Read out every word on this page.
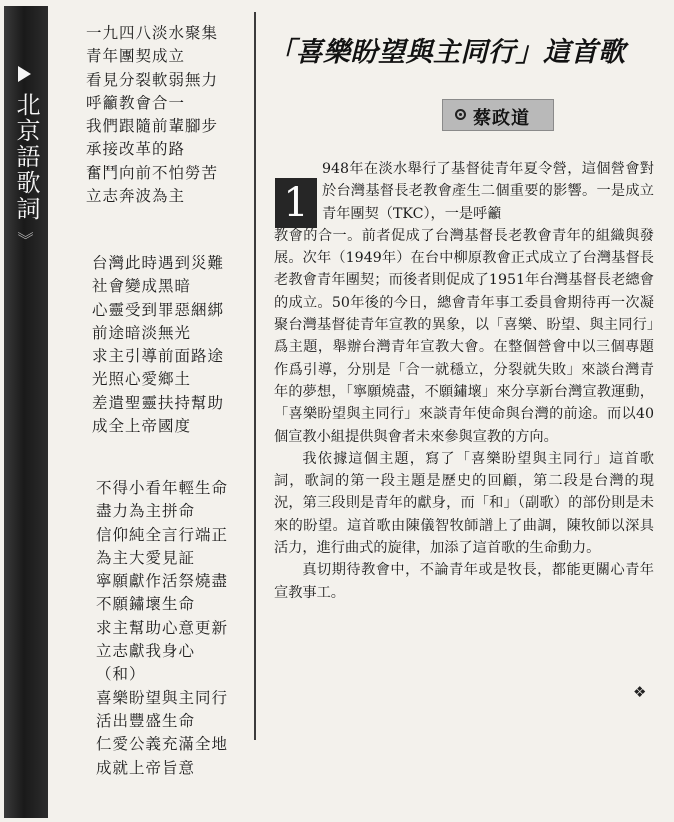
北京語歌詞
》
一九四八淡水聚集
青年團契成立
看見分裂軟弱無力
呼籲教會合一
我們跟隨前輩腳步
承接改革的路
奮鬥向前不怕勞苦
立志奔波為主
台灣此時遇到災難
社會變成黑暗
心靈受到罪惡綑綁
前途暗淡無光
求主引導前面路途
光照心愛鄉土
差遣聖靈扶持幫助
成全上帝國度
不得小看年輕生命
盡力為主拼命
信仰純全言行端正
為主大愛見証
寧願獻作活祭燒盡
不願鏽壞生命
求主幫助心意更新
立志獻我身心
（和）
喜樂盼望與主同行
活出豐盛生命
仁愛公義充滿全地
成就上帝旨意
「喜樂盼望與主同行」這首歌
蔡政道
1

948年在淡水舉行了基督徒青年夏令營，這個營會對於台灣基督長老教會產生二個重要的影響。一是成立青年團契（TKC），一是呼籲
教會的合一。前者促成了台灣基督長老教會青年的組織與發展。次年（1949年）在台中柳原教會正式成立了台灣基督長老教會青年團契；而後者則促成了1951年台灣基督長老總會的成立。50年後的今日，總會青年事工委員會期待再一次凝聚台灣基督徒青年宣教的異象，以「喜樂、盼望、與主同行」爲主題，舉辦台灣青年宣教大會。在整個營會中以三個專題作爲引導，分別是「合一就穩立，分裂就失敗」來談台灣青年的夢想，「寧願燒盡，不願鏽壞」來分享新台灣宣教運動，「喜樂盼望與主同行」來談青年使命與台灣的前途。而以40個宣教小組提供與會者未來參與宣教的方向。

我依據這個主題，寫了「喜樂盼望與主同行」這首歌詞，歌詞的第一段主題是歷史的回顧，第二段是台灣的現況，第三段則是青年的獻身，而「和」（副歌）的部份則是未來的盼望。這首歌由陳儀智牧師譜上了曲調，陳牧師以深具活力，進行曲式的旋律，加添了這首歌的生命動力。

真切期待教會中，不論青年或是牧長，都能更關心青年宣教事工。

❖
